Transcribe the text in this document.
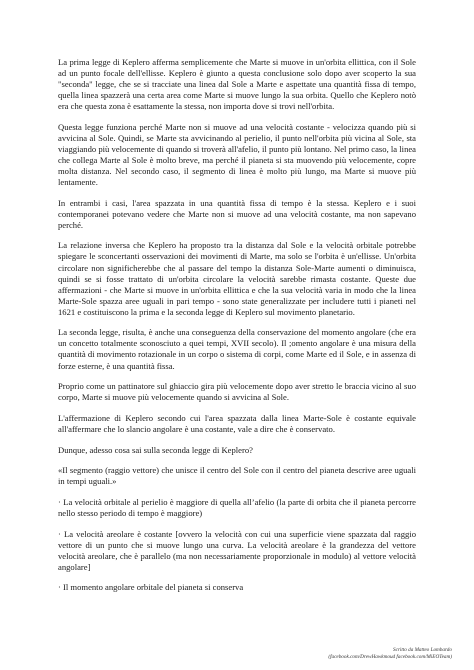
La prima legge di Keplero afferma semplicemente che Marte si muove in un'orbita ellittica, con il Sole ad un punto focale dell'ellisse. Keplero è giunto a questa conclusione solo dopo aver scoperto la sua "seconda" legge, che se si tracciate una linea dal Sole a Marte e aspettate una quantità fissa di tempo, quella linea spazzerà una certa area come Marte si muove lungo la sua orbita. Quello che Keplero notò era che questa zona è esattamente la stessa, non importa dove si trovi nell'orbita.

Questa legge funziona perché Marte non si muove ad una velocità costante - velocizza quando più si avvicina al Sole. Quindi, se Marte sta avvicinando al perielio, il punto nell'orbita più vicina al Sole, sta viaggiando più velocemente di quando si troverà all'afelio, il punto più lontano. Nel primo caso, la linea che collega Marte al Sole è molto breve, ma perché il pianeta si sta muovendo più velocemente, copre molta distanza. Nel secondo caso, il segmento di linea è molto più lungo, ma Marte si muove più lentamente.

In entrambi i casi, l'area spazzata in una quantità fissa di tempo è la stessa. Keplero e i suoi contemporanei potevano vedere che Marte non si muove ad una velocità costante, ma non sapevano perché.

La relazione inversa che Keplero ha proposto tra la distanza dal Sole e la velocità orbitale potrebbe spiegare le sconcertanti osservazioni dei movimenti di Marte, ma solo se l'orbita è un'ellisse. Un'orbita circolare non significherebbe che al passare del tempo la distanza Sole-Marte aumenti o diminuisca, quindi se si fosse trattato di un'orbita circolare la velocità sarebbe rimasta costante. Queste due affermazioni - che Marte si muove in un'orbita ellittica e che la sua velocità varia in modo che la linea Marte-Sole spazza aree uguali in pari tempo - sono state generalizzate per includere tutti i pianeti nel 1621 e costituiscono la prima e la seconda legge di Keplero sul movimento planetario.

La seconda legge, risulta, è anche una conseguenza della conservazione del momento angolare (che era un concetto totalmente sconosciuto a quei tempi, XVII secolo). Il ;omento angolare è una misura della quantità di movimento rotazionale in un corpo o sistema di corpi, come Marte ed il Sole, e in assenza di forze esterne, è una quantità fissa.

Proprio come un pattinatore sul ghiaccio gira più velocemente dopo aver stretto le braccia vicino al suo corpo, Marte si muove più velocemente quando si avvicina al Sole.

L'affermazione di Keplero secondo cui l'area spazzata dalla linea Marte-Sole è costante equivale all'affermare che lo slancio angolare è una costante, vale a dire che è conservato.

Dunque, adesso cosa sai sulla seconda legge di Keplero?

«Il segmento (raggio vettore) che unisce il centro del Sole con il centro del pianeta descrive aree uguali in tempi uguali.»

· La velocità orbitale al perielio è maggiore di quella all’afelio (la parte di orbita che il pianeta percorre nello stesso periodo di tempo è maggiore)

· La velocità areolare è costante [ovvero la velocità con cui una superficie viene spazzata dal raggio vettore di un punto che si muove lungo una curva. La velocità areolare è la grandezza del vettore velocità areolare, che è parallelo (ma non necessariamente proporzionale in modulo) al vettore velocità angolare]

· Il momento angolare orbitale del pianeta si conserva

Scritto da Matteo Lombardo
(facebook.com/DrewHawkmoud facebook.com/MiEOTeam)
